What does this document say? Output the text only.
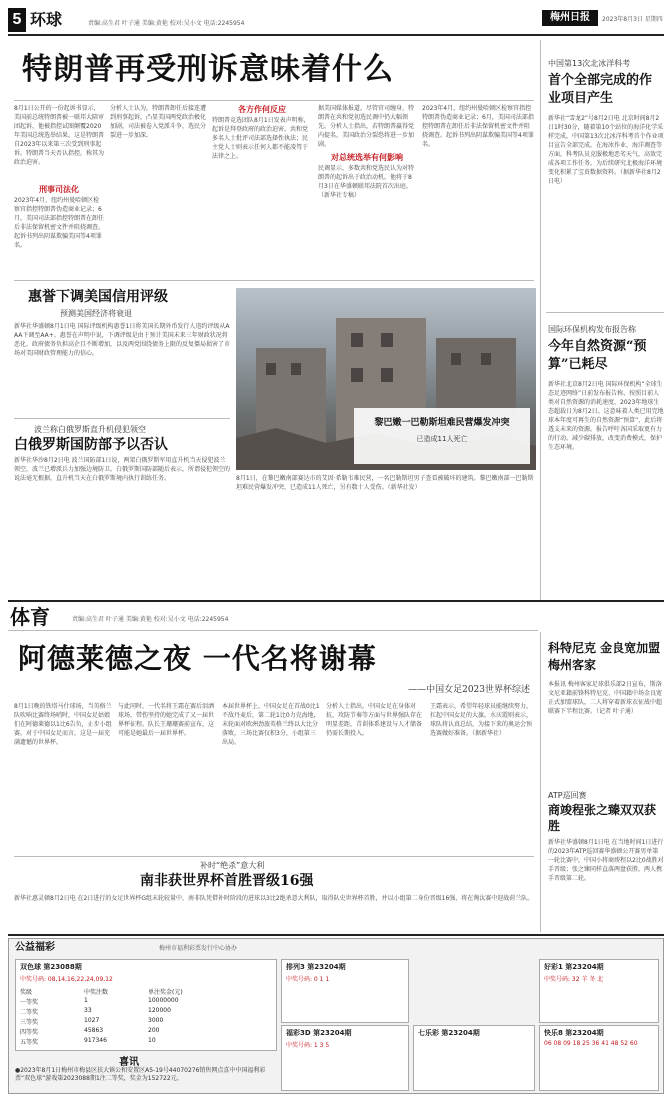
5 环球	责编:高生君 叶子通 美编:黄艳 校对:吴小文 电话:2245954
梅州日报	2023年8月3日 星期四
特朗普再受刑诉意味着什么
8月1日公开的一份起诉书显示，美国前总统特朗普被一联邦大陪审团起诉，他被指控试图颠覆2020年美国总统选举结果。这是特朗普自2023年以来第三次受到刑事起诉。特朗普当天否认指控，称其为政治迫害。
刑事司法化
2023年4月，纽约州曼哈顿区检察官指控特朗普伪造商业记录；6月，美国司法部指控特朗普在卸任后非法保留机密文件并阻挠调查。起诉书列出阴谋欺骗美国等4项罪名。
分析人士认为，特朗普卸任后接连遭到刑事起诉，凸显美国两党政治极化加剧，司法被卷入党派斗争，选民分裂进一步加深。
各方作何反应
特朗普竞选团队8月1日发表声明称，起诉是拜登政府的政治迫害。共和党多名人士批评司法部选择性执法；民主党人士则表示任何人都不能凌驾于法律之上。
据美国媒体报道，尽管官司缠身，特朗普在共和党初选民调中仍大幅领先。分析人士指出，若特朗普赢得党内提名，美国政治分裂恐将进一步加剧。
对总统选举有何影响
民调显示，多数共和党选民认为对特朗普的起诉出于政治动机。他将于8月3日在华盛顿联邦法院首次出庭。（新华社专稿）
2023年4月，纽约州曼哈顿区检察官指控特朗普伪造商业记录；6月，美国司法部指控特朗普在卸任后非法保留机密文件并阻挠调查。起诉书列出阴谋欺骗美国等4项罪名。
中国第13次北冰洋科考
首个全部完成的作业项目产生
新华社“雪龙2”号8月2日电 北京时间8月2日1时30分，随着第10个站位的海洋化学采样完成，中国第13次北冰洋科考首个作业项目宣告全部完成。在海冰作业、海洋调查等方面，科考队员克服极地恶劣天气，高效完成各项工作任务，为后续研究北极海洋环境变化积累了宝贵数据资料。（据新华社8月2日电）
惠誉下调美国信用评级
预测美国经济将衰退
新华社华盛顿8月1日电 国际评级机构惠誉1日将美国长期外币发行人违约评级从AAA下调至AA+。惠誉在声明中说，下调评级是由于预计美国未来三年财政状况将恶化、政府债务负担高企且不断增加，以及两党围绕债务上限的反复僵局损害了市场对美国财政管理能力的信心。
波兰称白俄罗斯直升机侵犯领空
白俄罗斯国防部予以否认
新华社华沙8月2日电 波兰国防部1日说，两架白俄罗斯军用直升机当天侵犯波兰领空，波兰已增派兵力加强边境防卫。白俄罗斯国防部随后表示，所谓侵犯领空的说法毫无根据，直升机当天在白俄罗斯境内执行训练任务。
黎巴嫩一巴勒斯坦难民营爆发冲突
已造成11人死亡
8月1日，在黎巴嫩南部赛达市的艾因·希勒韦难民营，一名巴勒斯坦男子查看被破坏的建筑。黎巴嫩南部一巴勒斯坦难民营爆发冲突，已造成11人死亡，另有数十人受伤。（新华社发）
国际环保机构发布报告称
今年自然资源“预算”已耗尽
新华社北京8月2日电 国际环保机构“全球生态足迹网络”日前发布报告称，按照目前人类对自然资源的消耗速度，2023年地球生态超载日为8月2日。这意味着人类已用完地球本年度可再生的自然资源“预算”，此后将透支未来的资源。报告呼吁各国采取更有力的行动，减少碳排放，改变消费模式，保护生态环境。
体育	责编:高生君 叶子通 美编:黄艳 校对:吴小文 电话:2245954
阿德莱德之夜 一代名将谢幕
——中国女足2023世界杯综述
8月1日晚的铁塔马什球场，当英格兰队吹响比赛终场哨时，中国女足姑娘们在阿德莱德以1比6告负，止步小组赛。对于中国女足而言，这是一届充满遗憾的世界杯。
与此同时，一代名将王霜在赛后泪洒球场，带伤坚持的她完成了又一届世界杯征程。队长王珊珊赛前宣布，这可能是她最后一届世界杯。
本届世界杯上，中国女足在首战0比1不敌丹麦后，第二轮1比0力克海地，末轮面对欧洲劲旅英格兰终以大比分落败，三场比赛仅积3分，小组第三出局。
分析人士指出，中国女足在身体对抗、攻防节奏等方面与世界强队存在明显差距，青训体系建设与人才储备仍需长期投入。
王霜表示，希望年轻球员能继续努力，扛起中国女足的大旗。水庆霞则表示，球队将认真总结，为接下来的奥运会预选赛做好准备。（据新华社）
补时“绝杀”意大利
南非获世界杯首胜晋级16强
新华社惠灵顿8月2日电 在2日进行的女足世界杯G组末轮较量中，南非队凭借补时阶段的进球以3比2绝杀意大利队，取得队史世界杯首胜，并以小组第二身份晋级16强，将在淘汰赛中迎战荷兰队。
科特尼克 金良宽加盟梅州客家
本报讯 梅州客家足球俱乐部2日宣布，斯洛文尼亚籍前锋科特尼克、中国籍中场金良宽正式加盟球队，二人将穿着新球衣征战中超联赛下半程比赛。（记者 叶子通）
ATP巡回赛
商竣程张之臻双双获胜
新华社华盛顿8月1日电 在当地时间1日进行的2023年ATP巡回赛华盛顿公开赛男单第一轮比赛中，中国小将商竣程以2比0战胜对手晋级；张之臻同样直落两盘获胜，两人携手晋级第二轮。
公益福彩	梅州市福利彩票发行中心协办
双色球 第23088期
中奖号码: 08,14,16,22,24,09,12
奖级	中奖注数	单注奖金(元)
一等奖	1	10000000
二等奖	33	120000
三等奖	1027	3000
四等奖	45863	200
五等奖	917346	10
排列3 第23204期
中奖号码: 0 1 1
福彩3D 第23204期
中奖号码: 1 3 5
七乐彩 第23204期
好彩1 第23204期
中奖号码: 32 羊 冬 北
快乐8 第23204期
06 08 09 18 25 36 41 48 52 60
喜讯
●2023年8月1日梅州市梅县区扶大镇公和安置区A5-19号44070276销售网点喜中中国福利彩票“双色球”游戏第2023088期1注二等奖，奖金为152722元。
